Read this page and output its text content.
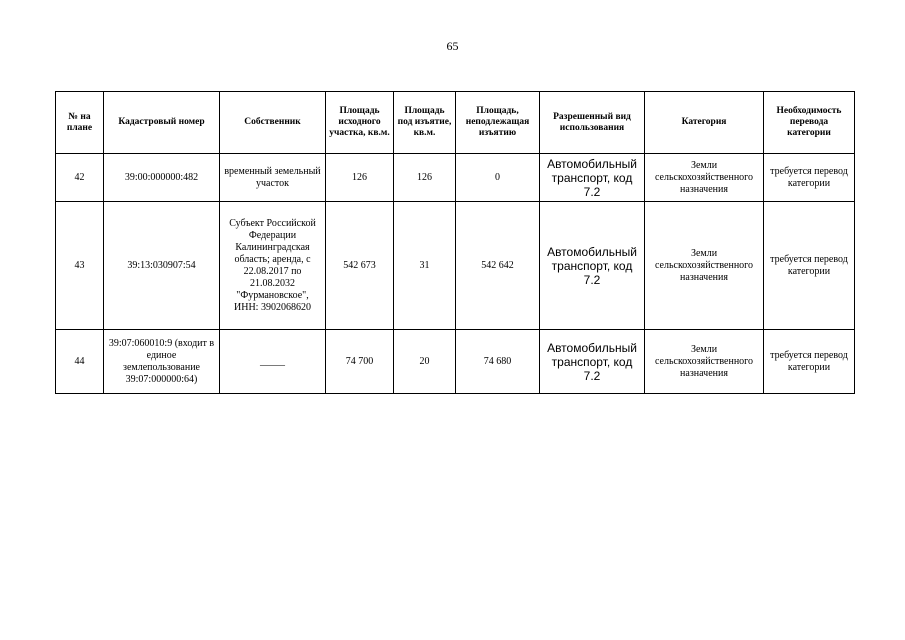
65
№ на плане	Кадастровый номер	Собственник	Площадь исходного участка, кв.м.	Площадь под изъятие, кв.м.	Площадь, неподлежащая изъятию	Разрешенный вид использования	Категория	Необходимость перевода категории
42	39:00:000000:482	временный земельный участок	126	126	0	Автомобильный транспорт, код 7.2	Земли сельскохозяйственного назначения	требуется перевод категории
43	39:13:030907:54	Субъект Российской Федерации Калининградская область; аренда, с 22.08.2017 по 21.08.2032 "Фурмановское", ИНН: 3902068620	542 673	31	542 642	Автомобильный транспорт, код 7.2	Земли сельскохозяйственного назначения	требуется перевод категории
44	39:07:060010:9 (входит в единое землепользование 39:07:000000:64)	_____	74 700	20	74 680	Автомобильный транспорт, код 7.2	Земли сельскохозяйственного назначения	требуется перевод категории
